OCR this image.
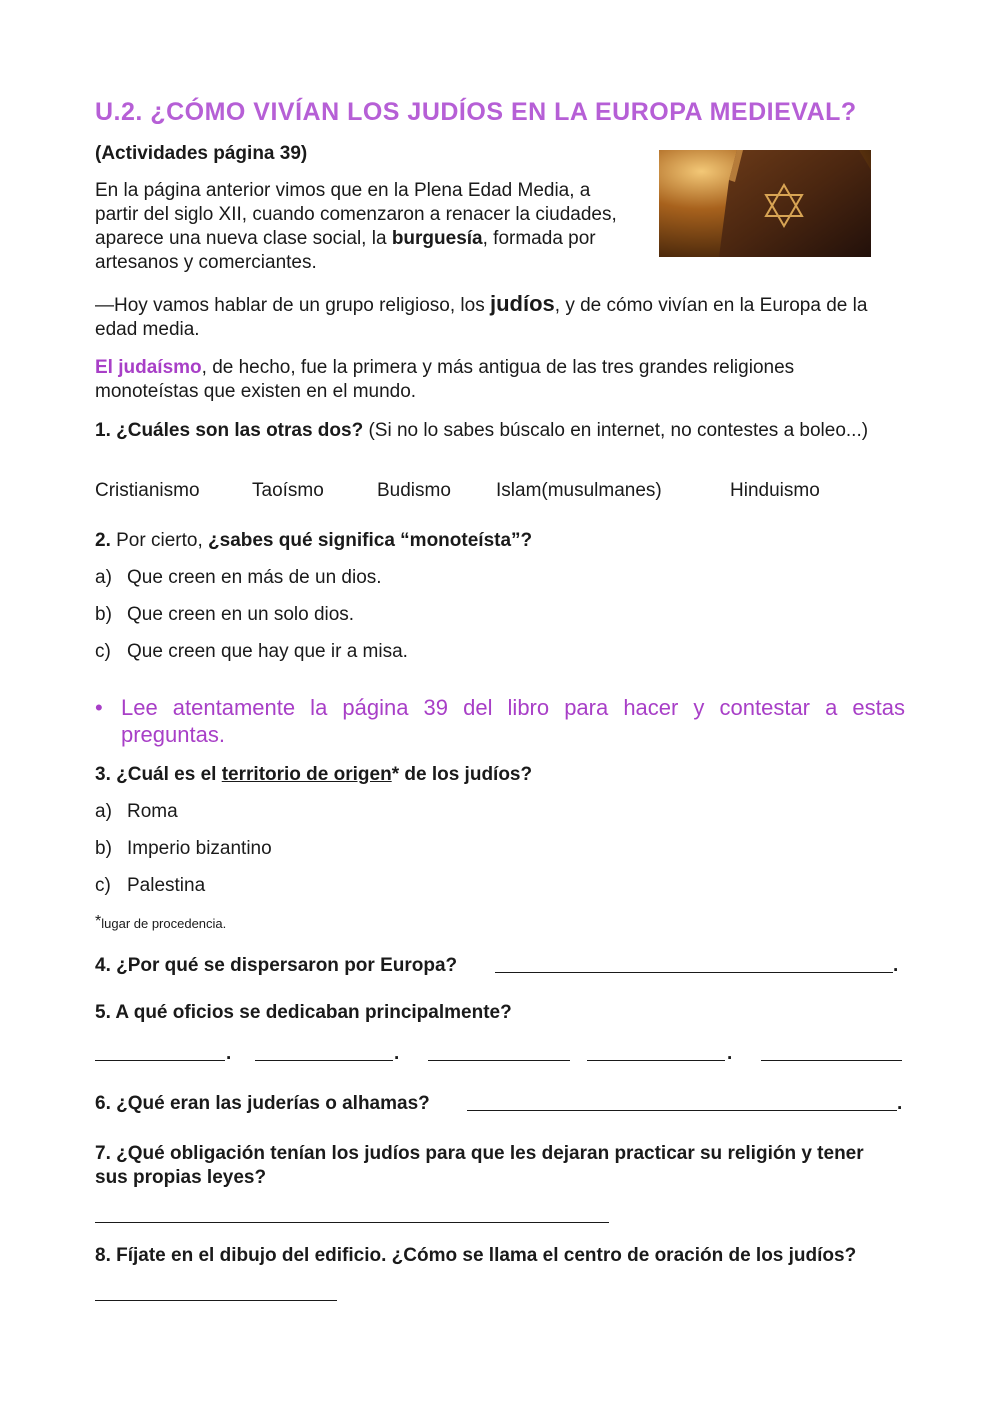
U.2. ¿CÓMO VIVÍAN LOS JUDÍOS EN LA EUROPA MEDIEVAL?
(Actividades página 39)

En la página anterior vimos que en la Plena Edad Media, a partir del siglo XII, cuando comenzaron a renacer la ciudades, aparece una nueva clase social, la burguesía, formada por artesanos y comerciantes.

—Hoy vamos hablar de un grupo religioso, los judíos, y de cómo vivían en la Europa de la edad media.

El judaísmo, de hecho, fue la primera y más antigua de las tres grandes religiones monoteístas que existen en el mundo.

1. ¿Cuáles son las otras dos? (Si no lo sabes búscalo en internet, no contestes a boleo...)

Cristianismo	Taoísmo	Budismo Islam(musulmanes)	Hinduismo

2. Por cierto, ¿sabes qué significa “monoteísta”?

a) Que creen en más de un dios.
b) Que creen en un solo dios.
c) Que creen que hay que ir a misa.
• Lee atentamente la página 39 del libro para hacer y contestar a estas preguntas.

3. ¿Cuál es el territorio de origen* de los judíos?

a) Roma
b) Imperio bizantino
c) Palestina
*lugar de procedencia.
4. ¿Por qué se dispersaron por Europa?	.
5. A qué oficios se dedicaban principalmente?
.	.	.
6. ¿Qué eran las juderías o alhamas?	.
7. ¿Qué obligación tenían los judíos para que les dejaran practicar su religión y tener sus propias leyes?
8. Fíjate en el dibujo del edificio. ¿Cómo se llama el centro de oración de los judíos?
